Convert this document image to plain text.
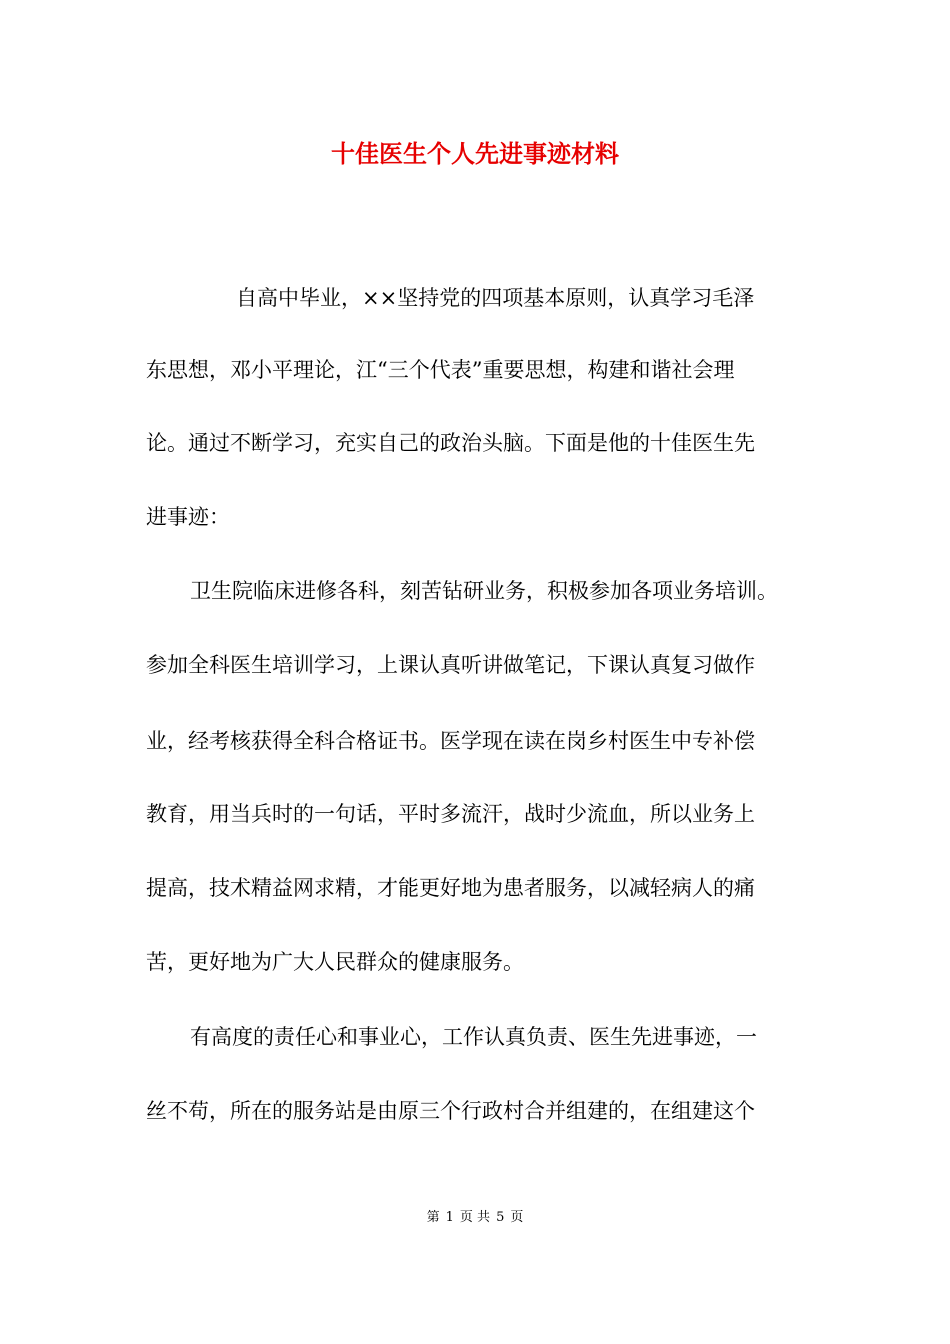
十佳医生个人先进事迹材料
自高中毕业，××坚持党的四项基本原则，认真学习毛泽
东思想，邓小平理论，江“三个代表”重要思想，构建和谐社会理
论。通过不断学习，充实自己的政治头脑。下面是他的十佳医生先
进事迹：
卫生院临床进修各科，刻苦钻研业务，积极参加各项业务培训。
参加全科医生培训学习，上课认真听讲做笔记，下课认真复习做作
业，经考核获得全科合格证书。医学现在读在岗乡村医生中专补偿
教育，用当兵时的一句话，平时多流汗，战时少流血，所以业务上
提高，技术精益网求精，才能更好地为患者服务，以减轻病人的痛
苦，更好地为广大人民群众的健康服务。
有高度的责任心和事业心，工作认真负责、医生先进事迹，一
丝不苟，所在的服务站是由原三个行政村合并组建的，在组建这个
第 1 页 共 5 页
